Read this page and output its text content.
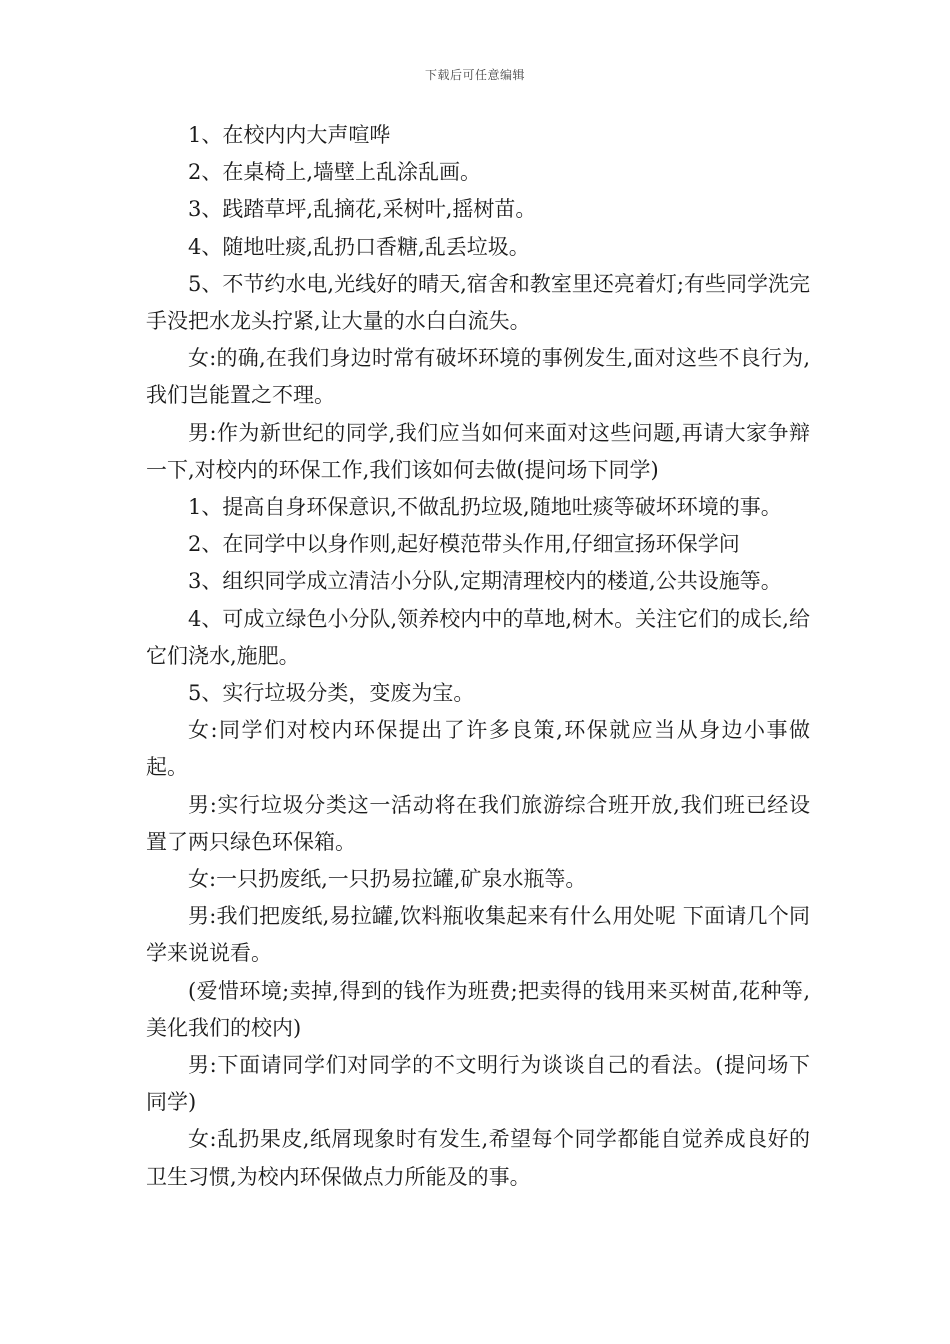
下载后可任意编辑

1、在校内内大声喧哗

2、在桌椅上,墙壁上乱涂乱画。

3、践踏草坪,乱摘花,采树叶,摇树苗。

4、随地吐痰,乱扔口香糖,乱丢垃圾。

5、不节约水电,光线好的晴天,宿舍和教室里还亮着灯;有些同学洗完手没把水龙头拧紧,让大量的水白白流失。

女:的确,在我们身边时常有破坏环境的事例发生,面对这些不良行为,我们岂能置之不理。

男:作为新世纪的同学,我们应当如何来面对这些问题,再请大家争辩一下,对校内的环保工作,我们该如何去做(提问场下同学)

1、提高自身环保意识,不做乱扔垃圾,随地吐痰等破坏环境的事。

2、在同学中以身作则,起好模范带头作用,仔细宣扬环保学问

3、组织同学成立清洁小分队,定期清理校内的楼道,公共设施等。

4、可成立绿色小分队,领养校内中的草地,树木。关注它们的成长,给它们浇水,施肥。

5、实行垃圾分类，变废为宝。

女:同学们对校内环保提出了许多良策,环保就应当从身边小事做起。

男:实行垃圾分类这一活动将在我们旅游综合班开放,我们班已经设置了两只绿色环保箱。

女:一只扔废纸,一只扔易拉罐,矿泉水瓶等。

男:我们把废纸,易拉罐,饮料瓶收集起来有什么用处呢 下面请几个同学来说说看。

(爱惜环境;卖掉,得到的钱作为班费;把卖得的钱用来买树苗,花种等,美化我们的校内)

男:下面请同学们对同学的不文明行为谈谈自己的看法。(提问场下同学)

女:乱扔果皮,纸屑现象时有发生,希望每个同学都能自觉养成良好的卫生习惯,为校内环保做点力所能及的事。
